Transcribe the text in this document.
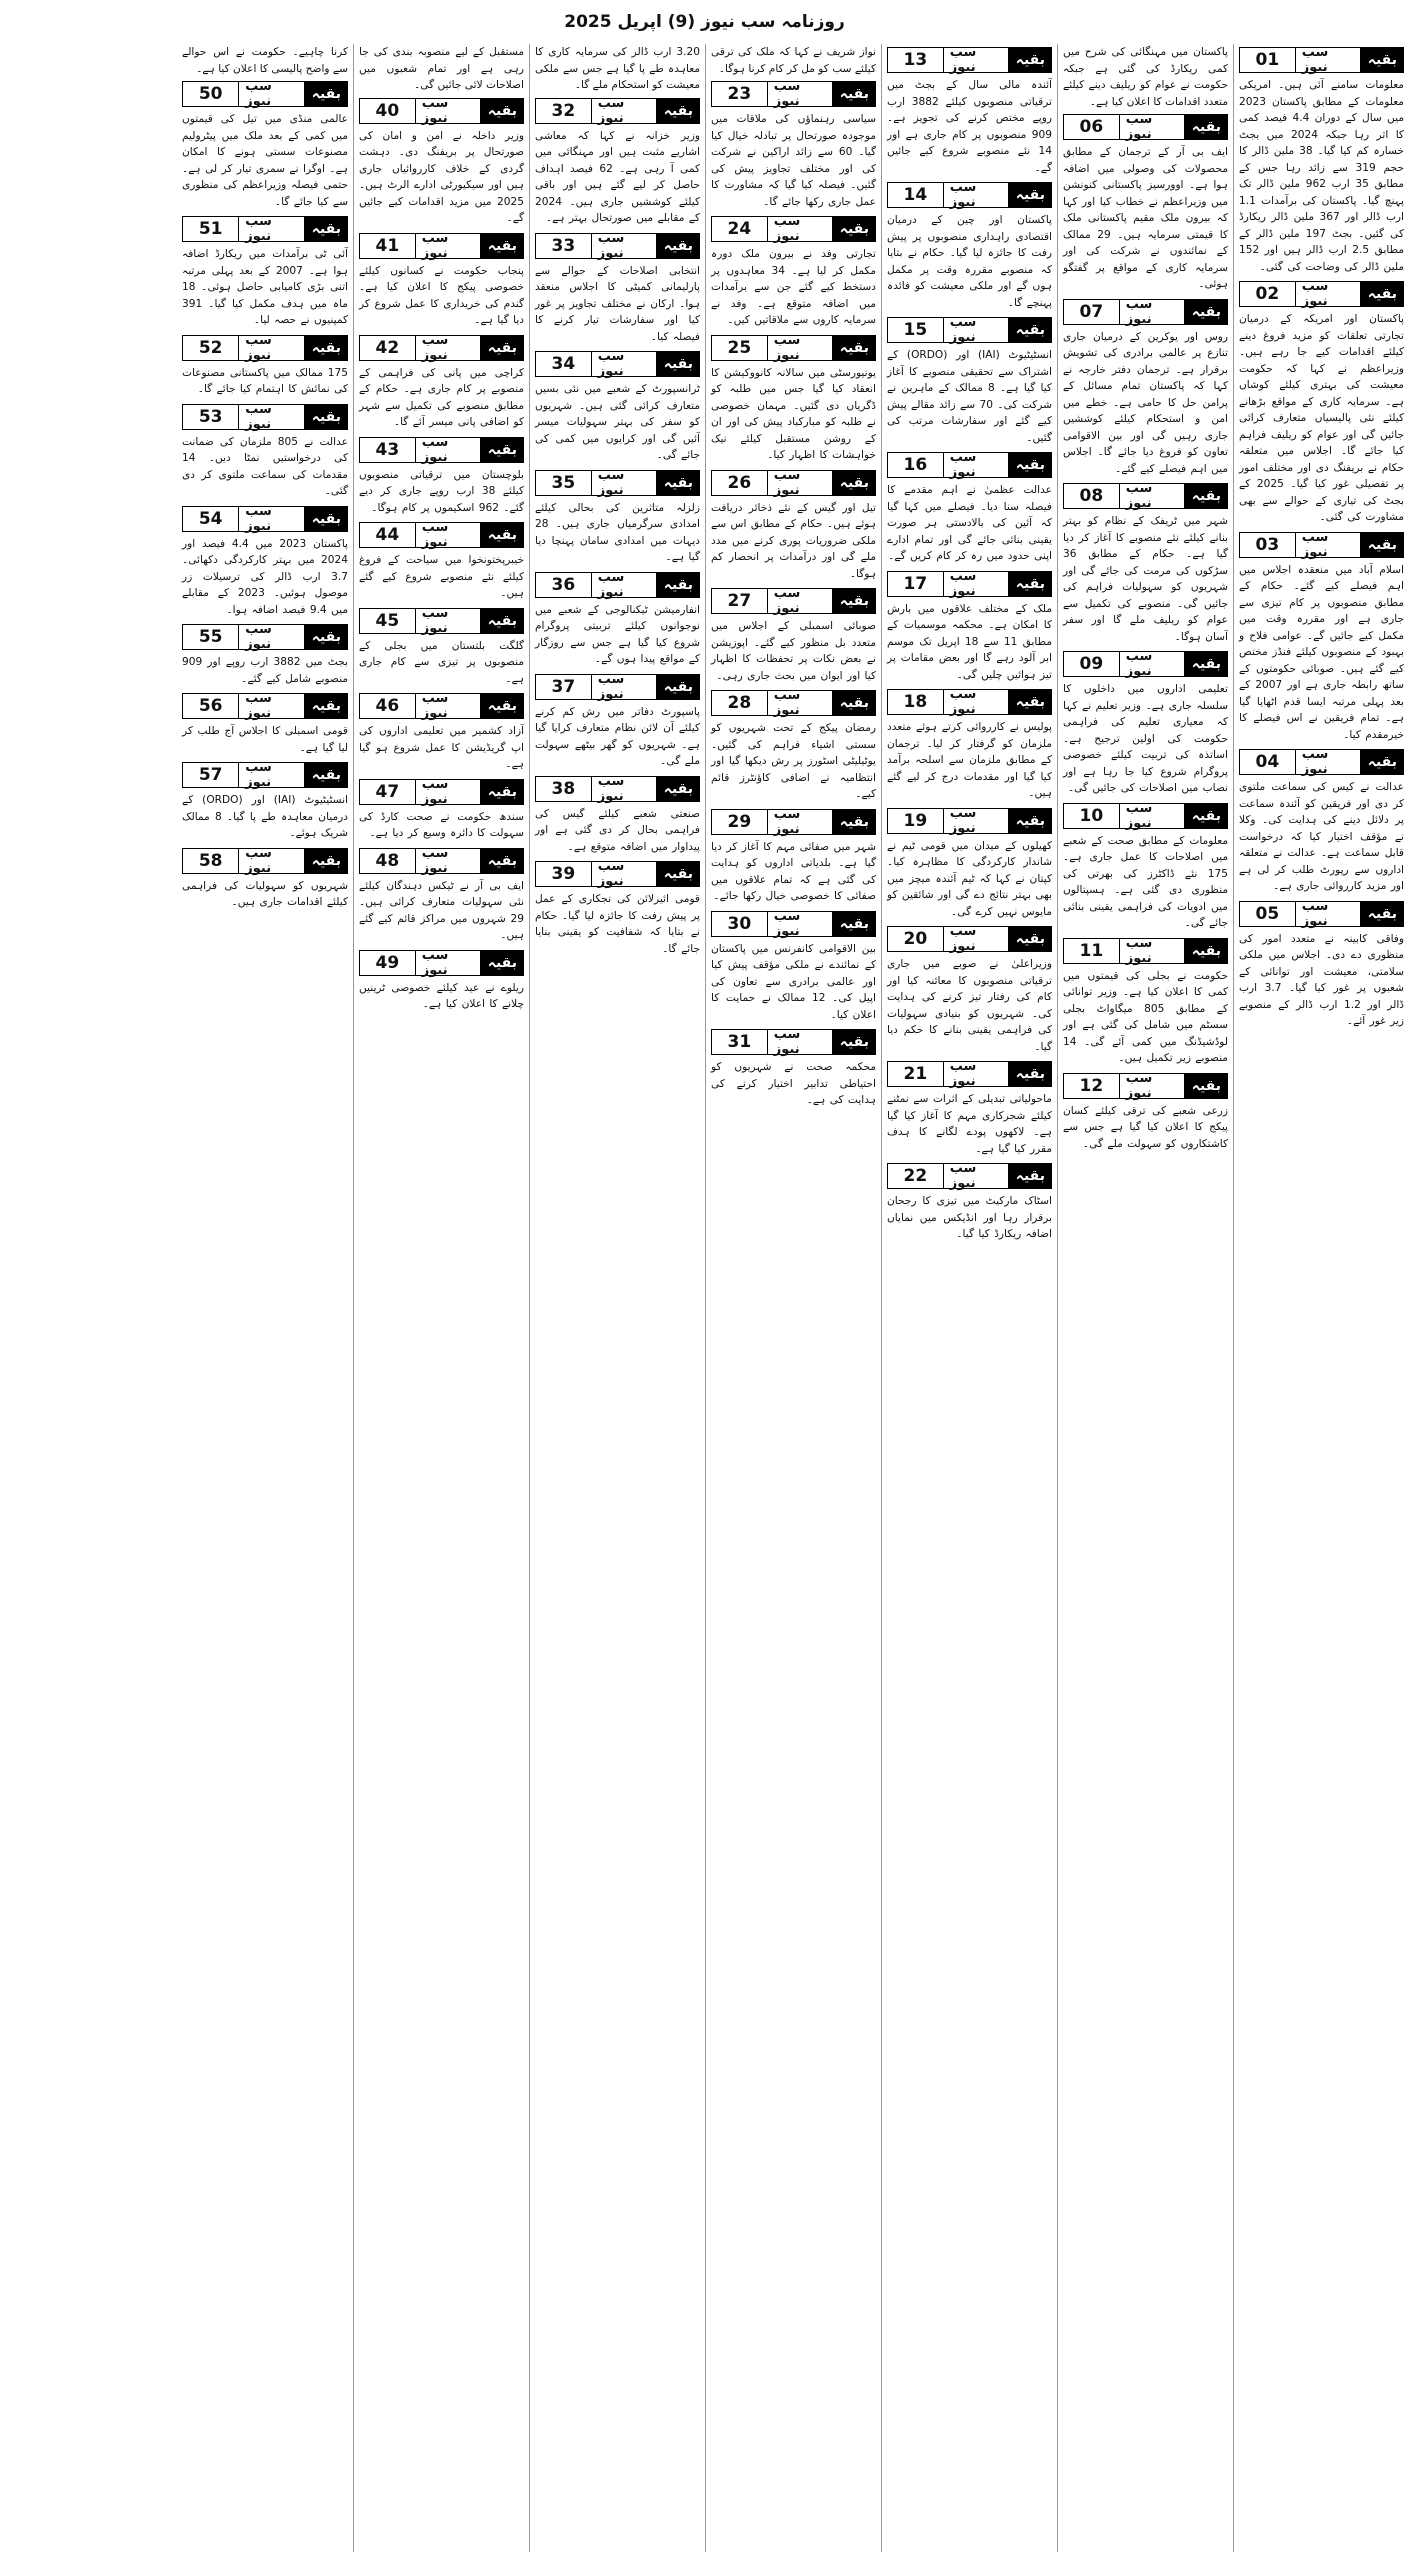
روزنامہ سب نیوز (9) اپریل 2025
بقیہ
سب نیوز
01

معلومات سامنے آئی ہیں۔ امریکی معلومات کے مطابق پاکستان 2023 میں سال کے دوران 4.4 فیصد کمی کا اثر رہا جبکہ 2024 میں بجٹ خسارہ کم کیا گیا۔ 38 ملین ڈالر کا حجم 319 سے زائد رہا جس کے مطابق 35 ارب 962 ملین ڈالر تک پہنچ گیا۔ پاکستان کی برآمدات 1.1 ارب ڈالر اور 367 ملین ڈالر ریکارڈ کی گئیں۔ بجٹ 197 ملین ڈالر کے مطابق 2.5 ارب ڈالر ہیں اور 152 ملین ڈالر کی وضاحت کی گئی۔

بقیہ
سب نیوز
02

پاکستان اور امریکہ کے درمیان تجارتی تعلقات کو مزید فروغ دینے کیلئے اقدامات کیے جا رہے ہیں۔ وزیراعظم نے کہا کہ حکومت معیشت کی بہتری کیلئے کوشاں ہے۔ سرمایہ کاری کے مواقع بڑھانے کیلئے نئی پالیسیاں متعارف کرائی جائیں گی اور عوام کو ریلیف فراہم کیا جائے گا۔ اجلاس میں متعلقہ حکام نے بریفنگ دی اور مختلف امور پر تفصیلی غور کیا گیا۔ 2025 کے بجٹ کی تیاری کے حوالے سے بھی مشاورت کی گئی۔

بقیہ
سب نیوز
03

اسلام آباد میں منعقدہ اجلاس میں اہم فیصلے کیے گئے۔ حکام کے مطابق منصوبوں پر کام تیزی سے جاری ہے اور مقررہ وقت میں مکمل کیے جائیں گے۔ عوامی فلاح و بہبود کے منصوبوں کیلئے فنڈز مختص کیے گئے ہیں۔ صوبائی حکومتوں کے ساتھ رابطہ جاری ہے اور 2007 کے بعد پہلی مرتبہ ایسا قدم اٹھایا گیا ہے۔ تمام فریقین نے اس فیصلے کا خیرمقدم کیا۔

بقیہ
سب نیوز
04

عدالت نے کیس کی سماعت ملتوی کر دی اور فریقین کو آئندہ سماعت پر دلائل دینے کی ہدایت کی۔ وکلا نے مؤقف اختیار کیا کہ درخواست قابل سماعت ہے۔ عدالت نے متعلقہ اداروں سے رپورٹ طلب کر لی ہے اور مزید کارروائی جاری ہے۔

بقیہ
سب نیوز
05

وفاقی کابینہ نے متعدد امور کی منظوری دے دی۔ اجلاس میں ملکی سلامتی، معیشت اور توانائی کے شعبوں پر غور کیا گیا۔ 3.7 ارب ڈالر اور 1.2 ارب ڈالر کے منصوبے زیر غور آئے۔

پاکستان میں مہنگائی کی شرح میں کمی ریکارڈ کی گئی ہے جبکہ حکومت نے عوام کو ریلیف دینے کیلئے متعدد اقدامات کا اعلان کیا ہے۔

بقیہ
سب نیوز
06

ایف بی آر کے ترجمان کے مطابق محصولات کی وصولی میں اضافہ ہوا ہے۔ اوورسیز پاکستانی کنونشن میں وزیراعظم نے خطاب کیا اور کہا کہ بیرون ملک مقیم پاکستانی ملک کا قیمتی سرمایہ ہیں۔ 29 ممالک کے نمائندوں نے شرکت کی اور سرمایہ کاری کے مواقع پر گفتگو ہوئی۔

بقیہ
سب نیوز
07

روس اور یوکرین کے درمیان جاری تنازع پر عالمی برادری کی تشویش برقرار ہے۔ ترجمان دفتر خارجہ نے کہا کہ پاکستان تمام مسائل کے پرامن حل کا حامی ہے۔ خطے میں امن و استحکام کیلئے کوششیں جاری رہیں گی اور بین الاقوامی تعاون کو فروغ دیا جائے گا۔ اجلاس میں اہم فیصلے کیے گئے۔

بقیہ
سب نیوز
08

شہر میں ٹریفک کے نظام کو بہتر بنانے کیلئے نئے منصوبے کا آغاز کر دیا گیا ہے۔ حکام کے مطابق 36 سڑکوں کی مرمت کی جائے گی اور شہریوں کو سہولیات فراہم کی جائیں گی۔ منصوبے کی تکمیل سے عوام کو ریلیف ملے گا اور سفر آسان ہوگا۔

بقیہ
سب نیوز
09

تعلیمی اداروں میں داخلوں کا سلسلہ جاری ہے۔ وزیر تعلیم نے کہا کہ معیاری تعلیم کی فراہمی حکومت کی اولین ترجیح ہے۔ اساتذہ کی تربیت کیلئے خصوصی پروگرام شروع کیا جا رہا ہے اور نصاب میں اصلاحات کی جائیں گی۔

بقیہ
سب نیوز
10

معلومات کے مطابق صحت کے شعبے میں اصلاحات کا عمل جاری ہے۔ 175 نئے ڈاکٹرز کی بھرتی کی منظوری دی گئی ہے۔ ہسپتالوں میں ادویات کی فراہمی یقینی بنائی جائے گی۔

بقیہ
سب نیوز
11

حکومت نے بجلی کی قیمتوں میں کمی کا اعلان کیا ہے۔ وزیر توانائی کے مطابق 805 میگاواٹ بجلی سسٹم میں شامل کی گئی ہے اور لوڈشیڈنگ میں کمی آئے گی۔ 14 منصوبے زیر تکمیل ہیں۔

بقیہ
سب نیوز
12

زرعی شعبے کی ترقی کیلئے کسان پیکج کا اعلان کیا گیا ہے جس سے کاشتکاروں کو سہولت ملے گی۔

بقیہ
سب نیوز
13

آئندہ مالی سال کے بجٹ میں ترقیاتی منصوبوں کیلئے 3882 ارب روپے مختص کرنے کی تجویز ہے۔ 909 منصوبوں پر کام جاری ہے اور 14 نئے منصوبے شروع کیے جائیں گے۔

بقیہ
سب نیوز
14

پاکستان اور چین کے درمیان اقتصادی راہداری منصوبوں پر پیش رفت کا جائزہ لیا گیا۔ حکام نے بتایا کہ منصوبے مقررہ وقت پر مکمل ہوں گے اور ملکی معیشت کو فائدہ پہنچے گا۔

بقیہ
سب نیوز
15

انسٹیٹیوٹ (IAI) اور (ORDO) کے اشتراک سے تحقیقی منصوبے کا آغاز کیا گیا ہے۔ 8 ممالک کے ماہرین نے شرکت کی۔ 70 سے زائد مقالے پیش کیے گئے اور سفارشات مرتب کی گئیں۔

بقیہ
سب نیوز
16

عدالت عظمیٰ نے اہم مقدمے کا فیصلہ سنا دیا۔ فیصلے میں کہا گیا کہ آئین کی بالادستی ہر صورت یقینی بنائی جائے گی اور تمام ادارے اپنی حدود میں رہ کر کام کریں گے۔

بقیہ
سب نیوز
17

ملک کے مختلف علاقوں میں بارش کا امکان ہے۔ محکمہ موسمیات کے مطابق 11 سے 18 اپریل تک موسم ابر آلود رہے گا اور بعض مقامات پر تیز ہوائیں چلیں گی۔

بقیہ
سب نیوز
18

پولیس نے کارروائی کرتے ہوئے متعدد ملزمان کو گرفتار کر لیا۔ ترجمان کے مطابق ملزمان سے اسلحہ برآمد کیا گیا اور مقدمات درج کر لیے گئے ہیں۔

بقیہ
سب نیوز
19

کھیلوں کے میدان میں قومی ٹیم نے شاندار کارکردگی کا مظاہرہ کیا۔ کپتان نے کہا کہ ٹیم آئندہ میچز میں بھی بہتر نتائج دے گی اور شائقین کو مایوس نہیں کرے گی۔

بقیہ
سب نیوز
20

وزیراعلیٰ نے صوبے میں جاری ترقیاتی منصوبوں کا معائنہ کیا اور کام کی رفتار تیز کرنے کی ہدایت کی۔ شہریوں کو بنیادی سہولیات کی فراہمی یقینی بنانے کا حکم دیا گیا۔

بقیہ
سب نیوز
21

ماحولیاتی تبدیلی کے اثرات سے نمٹنے کیلئے شجرکاری مہم کا آغاز کیا گیا ہے۔ لاکھوں پودے لگانے کا ہدف مقرر کیا گیا ہے۔

بقیہ
سب نیوز
22

اسٹاک مارکیٹ میں تیزی کا رجحان برقرار رہا اور انڈیکس میں نمایاں اضافہ ریکارڈ کیا گیا۔

نواز شریف نے کہا کہ ملک کی ترقی کیلئے سب کو مل کر کام کرنا ہوگا۔

بقیہ
سب نیوز
23

سیاسی رہنماؤں کی ملاقات میں موجودہ صورتحال پر تبادلہ خیال کیا گیا۔ 60 سے زائد اراکین نے شرکت کی اور مختلف تجاویز پیش کی گئیں۔ فیصلہ کیا گیا کہ مشاورت کا عمل جاری رکھا جائے گا۔

بقیہ
سب نیوز
24

تجارتی وفد نے بیرون ملک دورہ مکمل کر لیا ہے۔ 34 معاہدوں پر دستخط کیے گئے جن سے برآمدات میں اضافہ متوقع ہے۔ وفد نے سرمایہ کاروں سے ملاقاتیں کیں۔

بقیہ
سب نیوز
25

یونیورسٹی میں سالانہ کانووکیشن کا انعقاد کیا گیا جس میں طلبہ کو ڈگریاں دی گئیں۔ مہمان خصوصی نے طلبہ کو مبارکباد پیش کی اور ان کے روشن مستقبل کیلئے نیک خواہشات کا اظہار کیا۔

بقیہ
سب نیوز
26

تیل اور گیس کے نئے ذخائر دریافت ہوئے ہیں۔ حکام کے مطابق اس سے ملکی ضروریات پوری کرنے میں مدد ملے گی اور درآمدات پر انحصار کم ہوگا۔

بقیہ
سب نیوز
27

صوبائی اسمبلی کے اجلاس میں متعدد بل منظور کیے گئے۔ اپوزیشن نے بعض نکات پر تحفظات کا اظہار کیا اور ایوان میں بحث جاری رہی۔

بقیہ
سب نیوز
28

رمضان پیکج کے تحت شہریوں کو سستی اشیاء فراہم کی گئیں۔ یوٹیلیٹی اسٹورز پر رش دیکھا گیا اور انتظامیہ نے اضافی کاؤنٹرز قائم کیے۔

بقیہ
سب نیوز
29

شہر میں صفائی مہم کا آغاز کر دیا گیا ہے۔ بلدیاتی اداروں کو ہدایت کی گئی ہے کہ تمام علاقوں میں صفائی کا خصوصی خیال رکھا جائے۔

بقیہ
سب نیوز
30

بین الاقوامی کانفرنس میں پاکستان کے نمائندے نے ملکی مؤقف پیش کیا اور عالمی برادری سے تعاون کی اپیل کی۔ 12 ممالک نے حمایت کا اعلان کیا۔

بقیہ
سب نیوز
31

محکمہ صحت نے شہریوں کو احتیاطی تدابیر اختیار کرنے کی ہدایت کی ہے۔

3.20 ارب ڈالر کی سرمایہ کاری کا معاہدہ طے پا گیا ہے جس سے ملکی معیشت کو استحکام ملے گا۔

بقیہ
سب نیوز
32

وزیر خزانہ نے کہا کہ معاشی اشاریے مثبت ہیں اور مہنگائی میں کمی آ رہی ہے۔ 62 فیصد اہداف حاصل کر لیے گئے ہیں اور باقی کیلئے کوششیں جاری ہیں۔ 2024 کے مقابلے میں صورتحال بہتر ہے۔

بقیہ
سب نیوز
33

انتخابی اصلاحات کے حوالے سے پارلیمانی کمیٹی کا اجلاس منعقد ہوا۔ ارکان نے مختلف تجاویز پر غور کیا اور سفارشات تیار کرنے کا فیصلہ کیا۔

بقیہ
سب نیوز
34

ٹرانسپورٹ کے شعبے میں نئی بسیں متعارف کرائی گئی ہیں۔ شہریوں کو سفر کی بہتر سہولیات میسر آئیں گی اور کرایوں میں کمی کی جائے گی۔

بقیہ
سب نیوز
35

زلزلہ متاثرین کی بحالی کیلئے امدادی سرگرمیاں جاری ہیں۔ 28 دیہات میں امدادی سامان پہنچا دیا گیا ہے۔

بقیہ
سب نیوز
36

انفارمیشن ٹیکنالوجی کے شعبے میں نوجوانوں کیلئے تربیتی پروگرام شروع کیا گیا ہے جس سے روزگار کے مواقع پیدا ہوں گے۔

بقیہ
سب نیوز
37

پاسپورٹ دفاتر میں رش کم کرنے کیلئے آن لائن نظام متعارف کرایا گیا ہے۔ شہریوں کو گھر بیٹھے سہولت ملے گی۔

بقیہ
سب نیوز
38

صنعتی شعبے کیلئے گیس کی فراہمی بحال کر دی گئی ہے اور پیداوار میں اضافہ متوقع ہے۔

بقیہ
سب نیوز
39

قومی ائیرلائن کی نجکاری کے عمل پر پیش رفت کا جائزہ لیا گیا۔ حکام نے بتایا کہ شفافیت کو یقینی بنایا جائے گا۔

مستقبل کے لیے منصوبہ بندی کی جا رہی ہے اور تمام شعبوں میں اصلاحات لائی جائیں گی۔

بقیہ
سب نیوز
40

وزیر داخلہ نے امن و امان کی صورتحال پر بریفنگ دی۔ دہشت گردی کے خلاف کارروائیاں جاری ہیں اور سیکیورٹی ادارے الرٹ ہیں۔ 2025 میں مزید اقدامات کیے جائیں گے۔

بقیہ
سب نیوز
41

پنجاب حکومت نے کسانوں کیلئے خصوصی پیکج کا اعلان کیا ہے۔ گندم کی خریداری کا عمل شروع کر دیا گیا ہے۔

بقیہ
سب نیوز
42

کراچی میں پانی کی فراہمی کے منصوبے پر کام جاری ہے۔ حکام کے مطابق منصوبے کی تکمیل سے شہر کو اضافی پانی میسر آئے گا۔

بقیہ
سب نیوز
43

بلوچستان میں ترقیاتی منصوبوں کیلئے 38 ارب روپے جاری کر دیے گئے۔ 962 اسکیموں پر کام ہوگا۔

بقیہ
سب نیوز
44

خیبرپختونخوا میں سیاحت کے فروغ کیلئے نئے منصوبے شروع کیے گئے ہیں۔

بقیہ
سب نیوز
45

گلگت بلتستان میں بجلی کے منصوبوں پر تیزی سے کام جاری ہے۔

بقیہ
سب نیوز
46

آزاد کشمیر میں تعلیمی اداروں کی اپ گریڈیشن کا عمل شروع ہو گیا ہے۔

بقیہ
سب نیوز
47

سندھ حکومت نے صحت کارڈ کی سہولت کا دائرہ وسیع کر دیا ہے۔

بقیہ
سب نیوز
48

ایف بی آر نے ٹیکس دہندگان کیلئے نئی سہولیات متعارف کرائی ہیں۔ 29 شہروں میں مراکز قائم کیے گئے ہیں۔

بقیہ
سب نیوز
49

ریلوے نے عید کیلئے خصوصی ٹرینیں چلانے کا اعلان کیا ہے۔

کرنا چاہیے۔ حکومت نے اس حوالے سے واضح پالیسی کا اعلان کیا ہے۔

بقیہ
سب نیوز
50

عالمی منڈی میں تیل کی قیمتوں میں کمی کے بعد ملک میں پیٹرولیم مصنوعات سستی ہونے کا امکان ہے۔ اوگرا نے سمری تیار کر لی ہے۔ حتمی فیصلہ وزیراعظم کی منظوری سے کیا جائے گا۔

بقیہ
سب نیوز
51

آئی ٹی برآمدات میں ریکارڈ اضافہ ہوا ہے۔ 2007 کے بعد پہلی مرتبہ اتنی بڑی کامیابی حاصل ہوئی۔ 18 ماہ میں ہدف مکمل کیا گیا۔ 391 کمپنیوں نے حصہ لیا۔

بقیہ
سب نیوز
52

175 ممالک میں پاکستانی مصنوعات کی نمائش کا اہتمام کیا جائے گا۔

بقیہ
سب نیوز
53

عدالت نے 805 ملزمان کی ضمانت کی درخواستیں نمٹا دیں۔ 14 مقدمات کی سماعت ملتوی کر دی گئی۔

بقیہ
سب نیوز
54

پاکستان 2023 میں 4.4 فیصد اور 2024 میں بہتر کارکردگی دکھائی۔ 3.7 ارب ڈالر کی ترسیلات زر موصول ہوئیں۔ 2023 کے مقابلے میں 9.4 فیصد اضافہ ہوا۔

بقیہ
سب نیوز
55

بجٹ میں 3882 ارب روپے اور 909 منصوبے شامل کیے گئے۔

بقیہ
سب نیوز
56

قومی اسمبلی کا اجلاس آج طلب کر لیا گیا ہے۔

بقیہ
سب نیوز
57

انسٹیٹیوٹ (IAI) اور (ORDO) کے درمیان معاہدہ طے پا گیا۔ 8 ممالک شریک ہوئے۔

بقیہ
سب نیوز
58

شہریوں کو سہولیات کی فراہمی کیلئے اقدامات جاری ہیں۔
